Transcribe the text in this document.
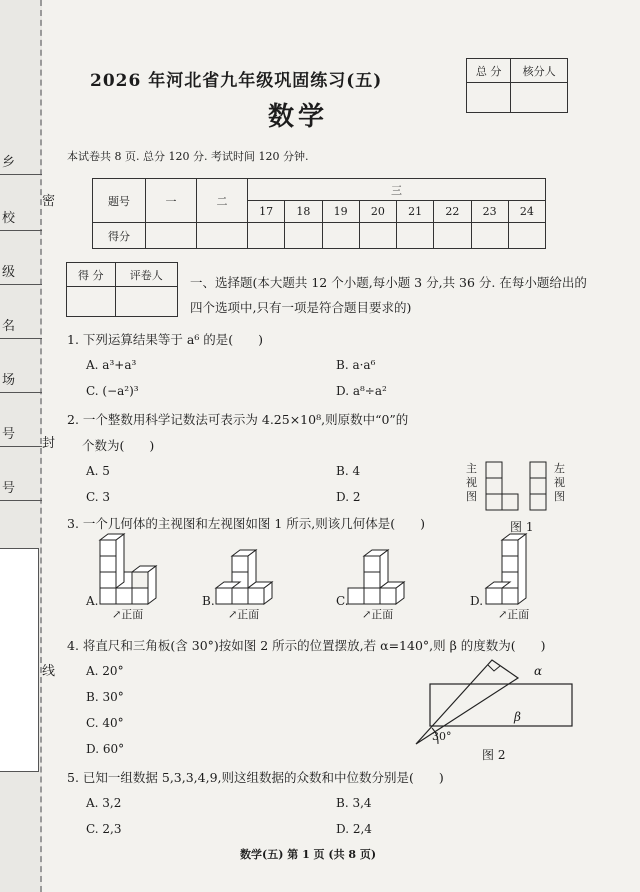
乡
校
级
名
场
号
号
密
封
线
2026 年河北省九年级巩固练习(五)
数学
总 分	核分人

本试卷共 8 页. 总分 120 分. 考试时间 120 分钟.
题号	一	二	三							
			17	18	19	20	21	22	23	24
得分										
得 分	评卷人
	一、选择题(本大题共 12 个小题,每小题 3 分,共 36 分. 在每小题给出的四个选项中,只有一项是符合题目要求的)
1. 下列运算结果等于 a⁶ 的是(　　)
A. a³+a³	B. a·a⁶
C. (−a²)³	D. a⁸÷a²
2. 一个整数用科学记数法可表示为 4.25×10⁸,则原数中“0”的
个数为(　　)
A. 5	B. 4
C. 3	D. 2
主
视
图
左
视
图
图 1
3. 一个几何体的主视图和左视图如图 1 所示,则该几何体是(　　)
A.	B.	C.	D.
↗正面	↗正面	↗正面	↗正面
4. 将直尺和三角板(含 30°)按如图 2 所示的位置摆放,若 α=140°,则 β 的度数为(　　)
A. 20°
B. 30°
C. 40°
D. 60°
α
β
30°
图 2
5. 已知一组数据 5,3,3,4,9,则这组数据的众数和中位数分别是(　　)
A. 3,2	B. 3,4
C. 2,3	D. 2,4
数学(五) 第 1 页 (共 8 页)
